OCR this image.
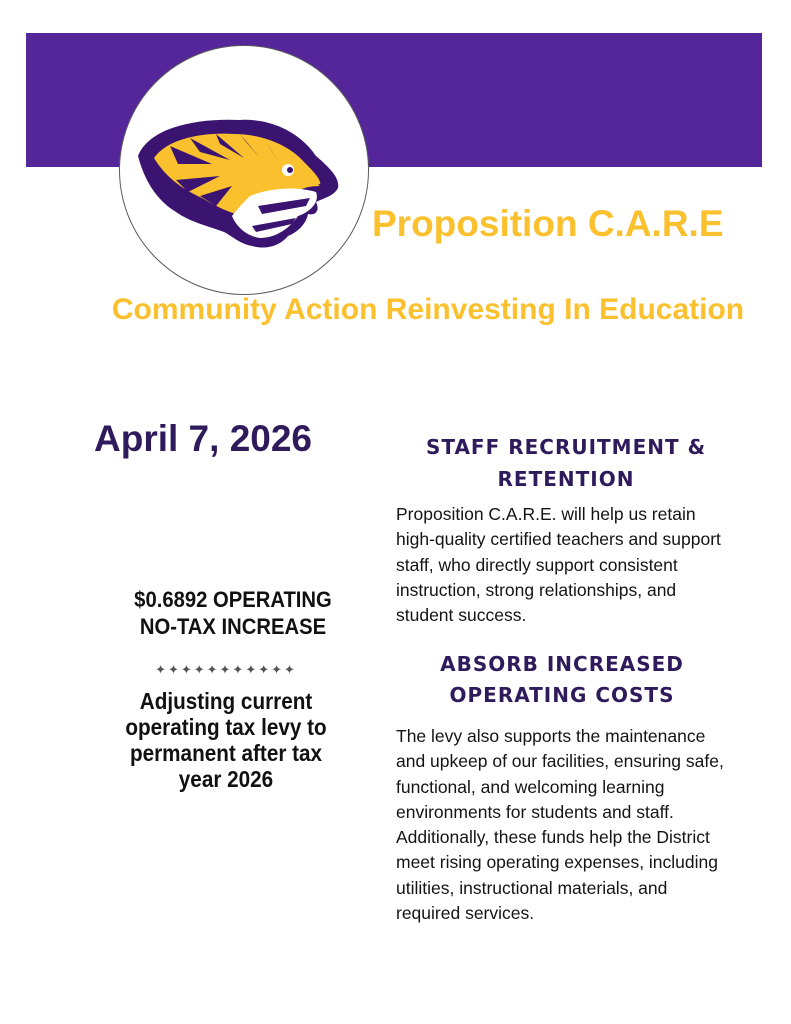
Proposition C.A.R.E
Community Action Reinvesting In Education
April 7, 2026
$0.6892 OPERATING
NO-TAX INCREASE
✦✦✦✦✦✦✦✦✦✦✦
Adjusting current operating tax levy to permanent after tax year 2026
STAFF RECRUITMENT & RETENTION
Proposition C.A.R.E. will help us retain high-quality certified teachers and support staff, who directly support consistent instruction, strong relationships, and student success.
ABSORB INCREASED OPERATING COSTS
The levy also supports the maintenance and upkeep of our facilities, ensuring safe, functional, and welcoming learning environments for students and staff. Additionally, these funds help the District meet rising operating expenses, including utilities, instructional materials, and required services.
